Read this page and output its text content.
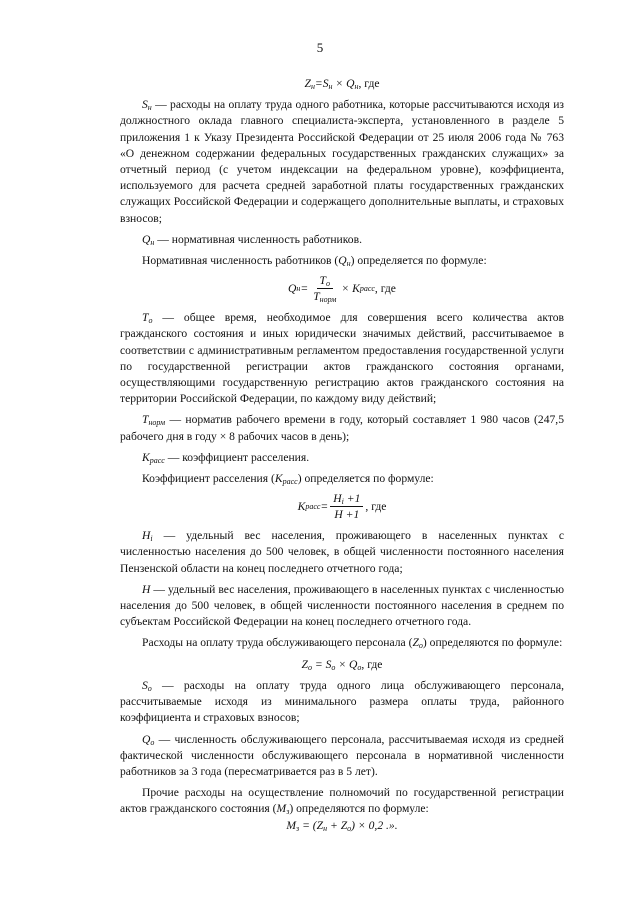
5

$Z_н=S_н \times Q_н$, где

$S_н$ — расходы на оплату труда одного работника, которые рассчитываются исходя из должностного оклада главного специалиста-эксперта, установленного в разделе 5 приложения 1 к Указу Президента Российской Федерации от 25 июля 2006 года № 763 «О денежном содержании федеральных государственных гражданских служащих» за отчетный период (с учетом индексации на федеральном уровне), коэффициента, используемого для расчета средней заработной платы государственных гражданских служащих Российской Федерации и содержащего дополнительные выплаты, и страховых взносов;

$Q_н$ — нормативная численность работников.

Нормативная численность работников $(Q_н)$ определяется по формуле:

Q $н = \frac{T_о}{T_{норм}} \times K$ расс , где

$T_о$ — общее время, необходимое для совершения всего количества актов гражданского состояния и иных юридически значимых действий, рассчитываемое в соответствии с административным регламентом предоставления государственной услуги по государственной регистрации актов гражданского состояния органами, осуществляющими государственную регистрацию актов гражданского состояния на территории Российской Федерации, по каждому виду действий;

$T_{норм}$ — норматив рабочего времени в году, который составляет 1 980 часов (247,5 рабочего дня в году × 8 рабочих часов в день);

$K_{расс}$ — коэффициент расселения.

Коэффициент расселения $(K_{расс})$ определяется по формуле:

K расс = $\frac{Н_i +1}{Н +1}$ , где

$Н_i$ — удельный вес населения, проживающего в населенных пунктах с численностью населения до 500 человек, в общей численности постоянного населения Пензенской области на конец последнего отчетного года;

Н — удельный вес населения, проживающего в населенных пунктах с численностью населения до 500 человек, в общей численности постоянного населения в среднем по субъектам Российской Федерации на конец последнего отчетного года.

Расходы на оплату труда обслуживающего персонала $(Z_о)$ определяются по формуле:

$Z_о = S_о \times Q_о$, где

$S_о$ — расходы на оплату труда одного лица обслуживающего персонала, рассчитываемые исходя из минимального размера оплаты труда, районного коэффициента и страховых взносов;

$Q_о$ — численность обслуживающего персонала, рассчитываемая исходя из средней фактической численности обслуживающего персонала в нормативной численности работников за 3 года (пересматривается раз в 5 лет).

Прочие расходы на осуществление полномочий по государственной регистрации актов гражданского состояния $(M_з)$ определяются по формуле:

$M_з = (Z_н + Z_о) \times 0,2$ .».
